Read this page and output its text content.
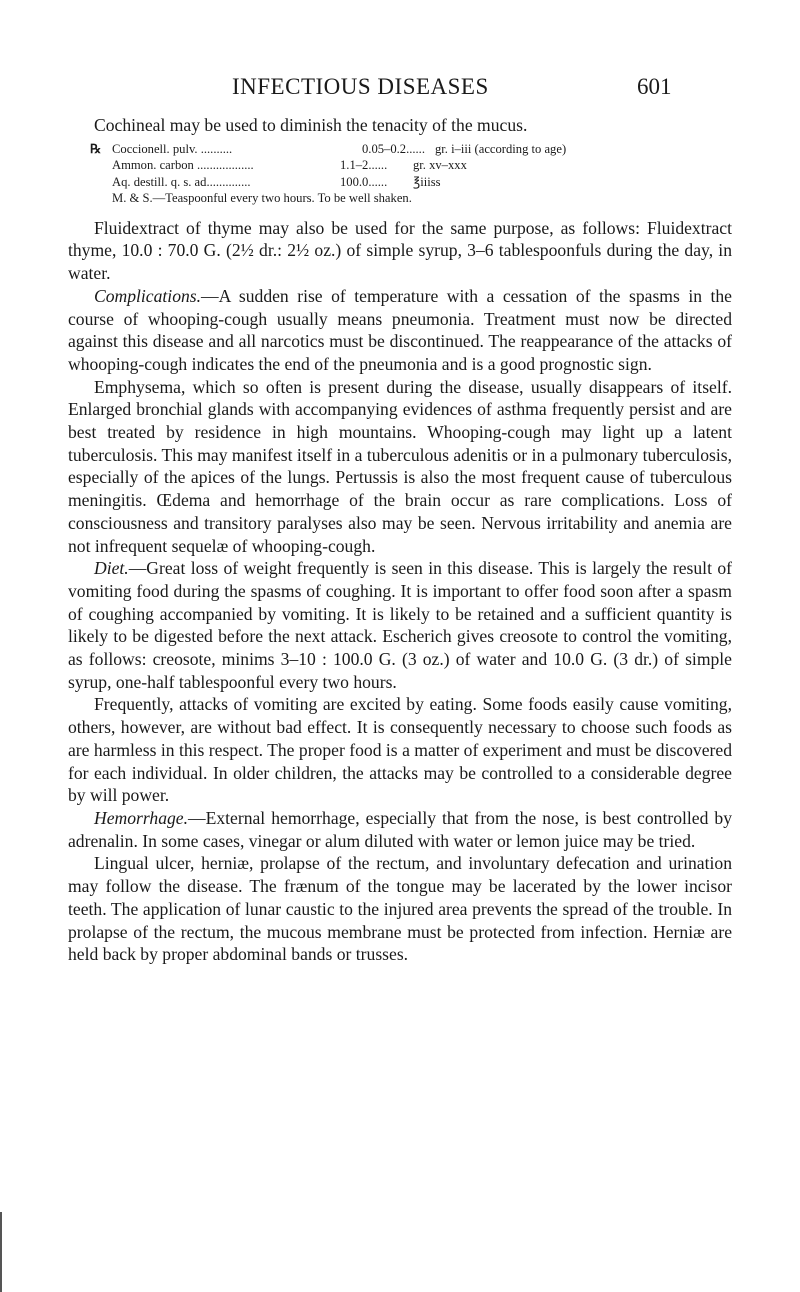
INFECTIOUS DISEASES	601

Cochineal may be used to diminish the tenacity of the mucus.

℞ Coccionell. pulv. ..........	0.05–0.2...... gr. i–iii (according to age)
Ammon. carbon ..................	1.1–2......	gr. xv–xxx
Aq. destill. q. s. ad..............	100.0......	℥iiiss
M. & S.—Teaspoonful every two hours. To be well shaken.

Fluidextract of thyme may also be used for the same purpose, as follows: Fluidextract thyme, 10.0 : 70.0 G. (2½ dr.: 2½ oz.) of simple syrup, 3–6 tablespoonfuls during the day, in water.

Complications.—A sudden rise of temperature with a cessation of the spasms in the course of whooping-cough usually means pneumonia. Treatment must now be directed against this disease and all narcotics must be discontinued. The reappearance of the attacks of whooping-cough indicates the end of the pneumonia and is a good prognostic sign.

Emphysema, which so often is present during the disease, usually disappears of itself. Enlarged bronchial glands with accompanying evidences of asthma frequently persist and are best treated by residence in high mountains. Whooping-cough may light up a latent tuberculosis. This may manifest itself in a tuberculous adenitis or in a pulmonary tuberculosis, especially of the apices of the lungs. Pertussis is also the most frequent cause of tuberculous meningitis. Œdema and hemorrhage of the brain occur as rare complications. Loss of consciousness and transitory paralyses also may be seen. Nervous irritability and anemia are not infrequent sequelæ of whooping-cough.

Diet.—Great loss of weight frequently is seen in this disease. This is largely the result of vomiting food during the spasms of coughing. It is important to offer food soon after a spasm of coughing accompanied by vomiting. It is likely to be retained and a sufficient quantity is likely to be digested before the next attack. Escherich gives creosote to control the vomiting, as follows: creosote, minims 3–10 : 100.0 G. (3 oz.) of water and 10.0 G. (3 dr.) of simple syrup, one-half tablespoonful every two hours.

Frequently, attacks of vomiting are excited by eating. Some foods easily cause vomiting, others, however, are without bad effect. It is consequently necessary to choose such foods as are harmless in this respect. The proper food is a matter of experiment and must be discovered for each individual. In older children, the attacks may be controlled to a considerable degree by will power.

Hemorrhage.—External hemorrhage, especially that from the nose, is best controlled by adrenalin. In some cases, vinegar or alum diluted with water or lemon juice may be tried.

Lingual ulcer, herniæ, prolapse of the rectum, and involuntary defecation and urination may follow the disease. The frænum of the tongue may be lacerated by the lower incisor teeth. The application of lunar caustic to the injured area prevents the spread of the trouble. In prolapse of the rectum, the mucous membrane must be protected from infection. Herniæ are held back by proper abdominal bands or trusses.
